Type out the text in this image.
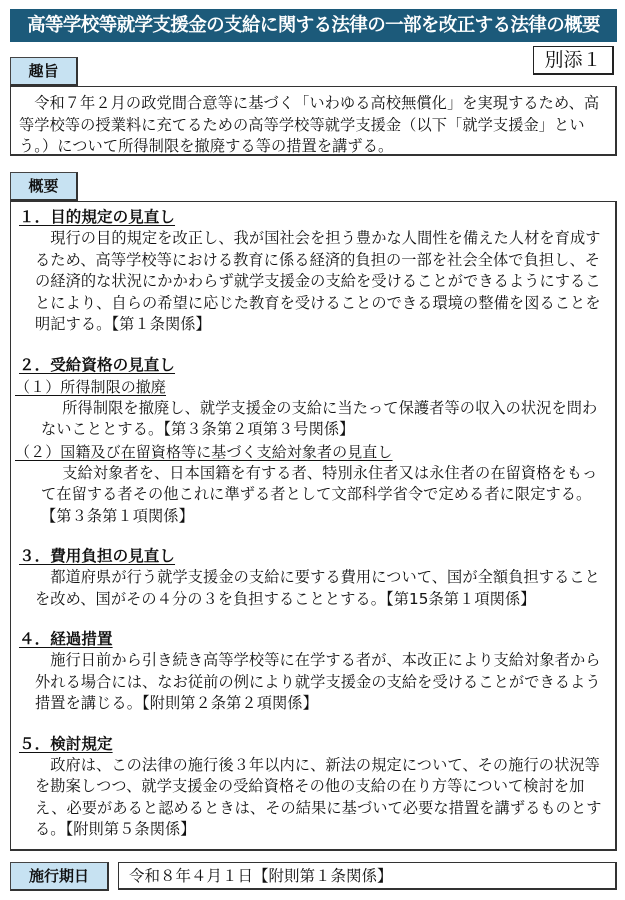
高等学校等就学支援金の支給に関する法律の一部を改正する法律の概要
趣旨	別添１

令和７年２月の政党間合意等に基づく「いわゆる高校無償化」を実現するため、高等学校等の授業料に充てるための高等学校等就学支援金（以下「就学支援金」という。）について所得制限を撤廃する等の措置を講ずる。

概要
１．目的規定の見直し

現行の目的規定を改正し、我が国社会を担う豊かな人間性を備えた人材を育成するため、高等学校等における教育に係る経済的負担の一部を社会全体で負担し、その経済的な状況にかかわらず就学支援金の支給を受けることができるようにすることにより、自らの希望に応じた教育を受けることのできる環境の整備を図ることを明記する。【第１条関係】

２．受給資格の見直し
（１）所得制限の撤廃

所得制限を撤廃し、就学支援金の支給に当たって保護者等の収入の状況を問わないこととする。【第３条第２項第３号関係】

（２）国籍及び在留資格等に基づく支給対象者の見直し

支給対象者を、日本国籍を有する者、特別永住者又は永住者の在留資格をもって在留する者その他これに準ずる者として文部科学省令で定める者に限定する。【第３条第１項関係】

３．費用負担の見直し

都道府県が行う就学支援金の支給に要する費用について、国が全額負担することを改め、国がその４分の３を負担することとする。【第15条第１項関係】

４．経過措置

施行日前から引き続き高等学校等に在学する者が、本改正により支給対象者から外れる場合には、なお従前の例により就学支援金の支給を受けることができるよう措置を講じる。【附則第２条第２項関係】

５．検討規定

政府は、この法律の施行後３年以内に、新法の規定について、その施行の状況等を勘案しつつ、就学支援金の受給資格その他の支給の在り方等について検討を加え、必要があると認めるときは、その結果に基づいて必要な措置を講ずるものとする。【附則第５条関係】

施行期日	令和８年４月１日【附則第１条関係】
